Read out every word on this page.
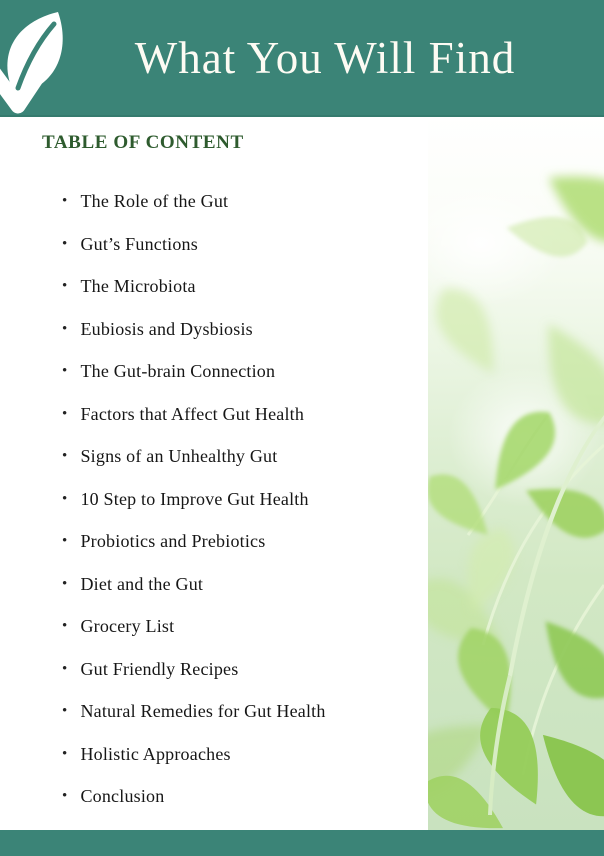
What You Will Find
TABLE OF CONTENT
• The Role of the Gut
• Gut’s Functions
• The Microbiota
• Eubiosis and Dysbiosis
• The Gut-brain Connection
• Factors that Affect Gut Health
• Signs of an Unhealthy Gut
• 10 Step to Improve Gut Health
• Probiotics and Prebiotics
• Diet and the Gut
• Grocery List
• Gut Friendly Recipes
• Natural Remedies for Gut Health
• Holistic Approaches
• Conclusion
